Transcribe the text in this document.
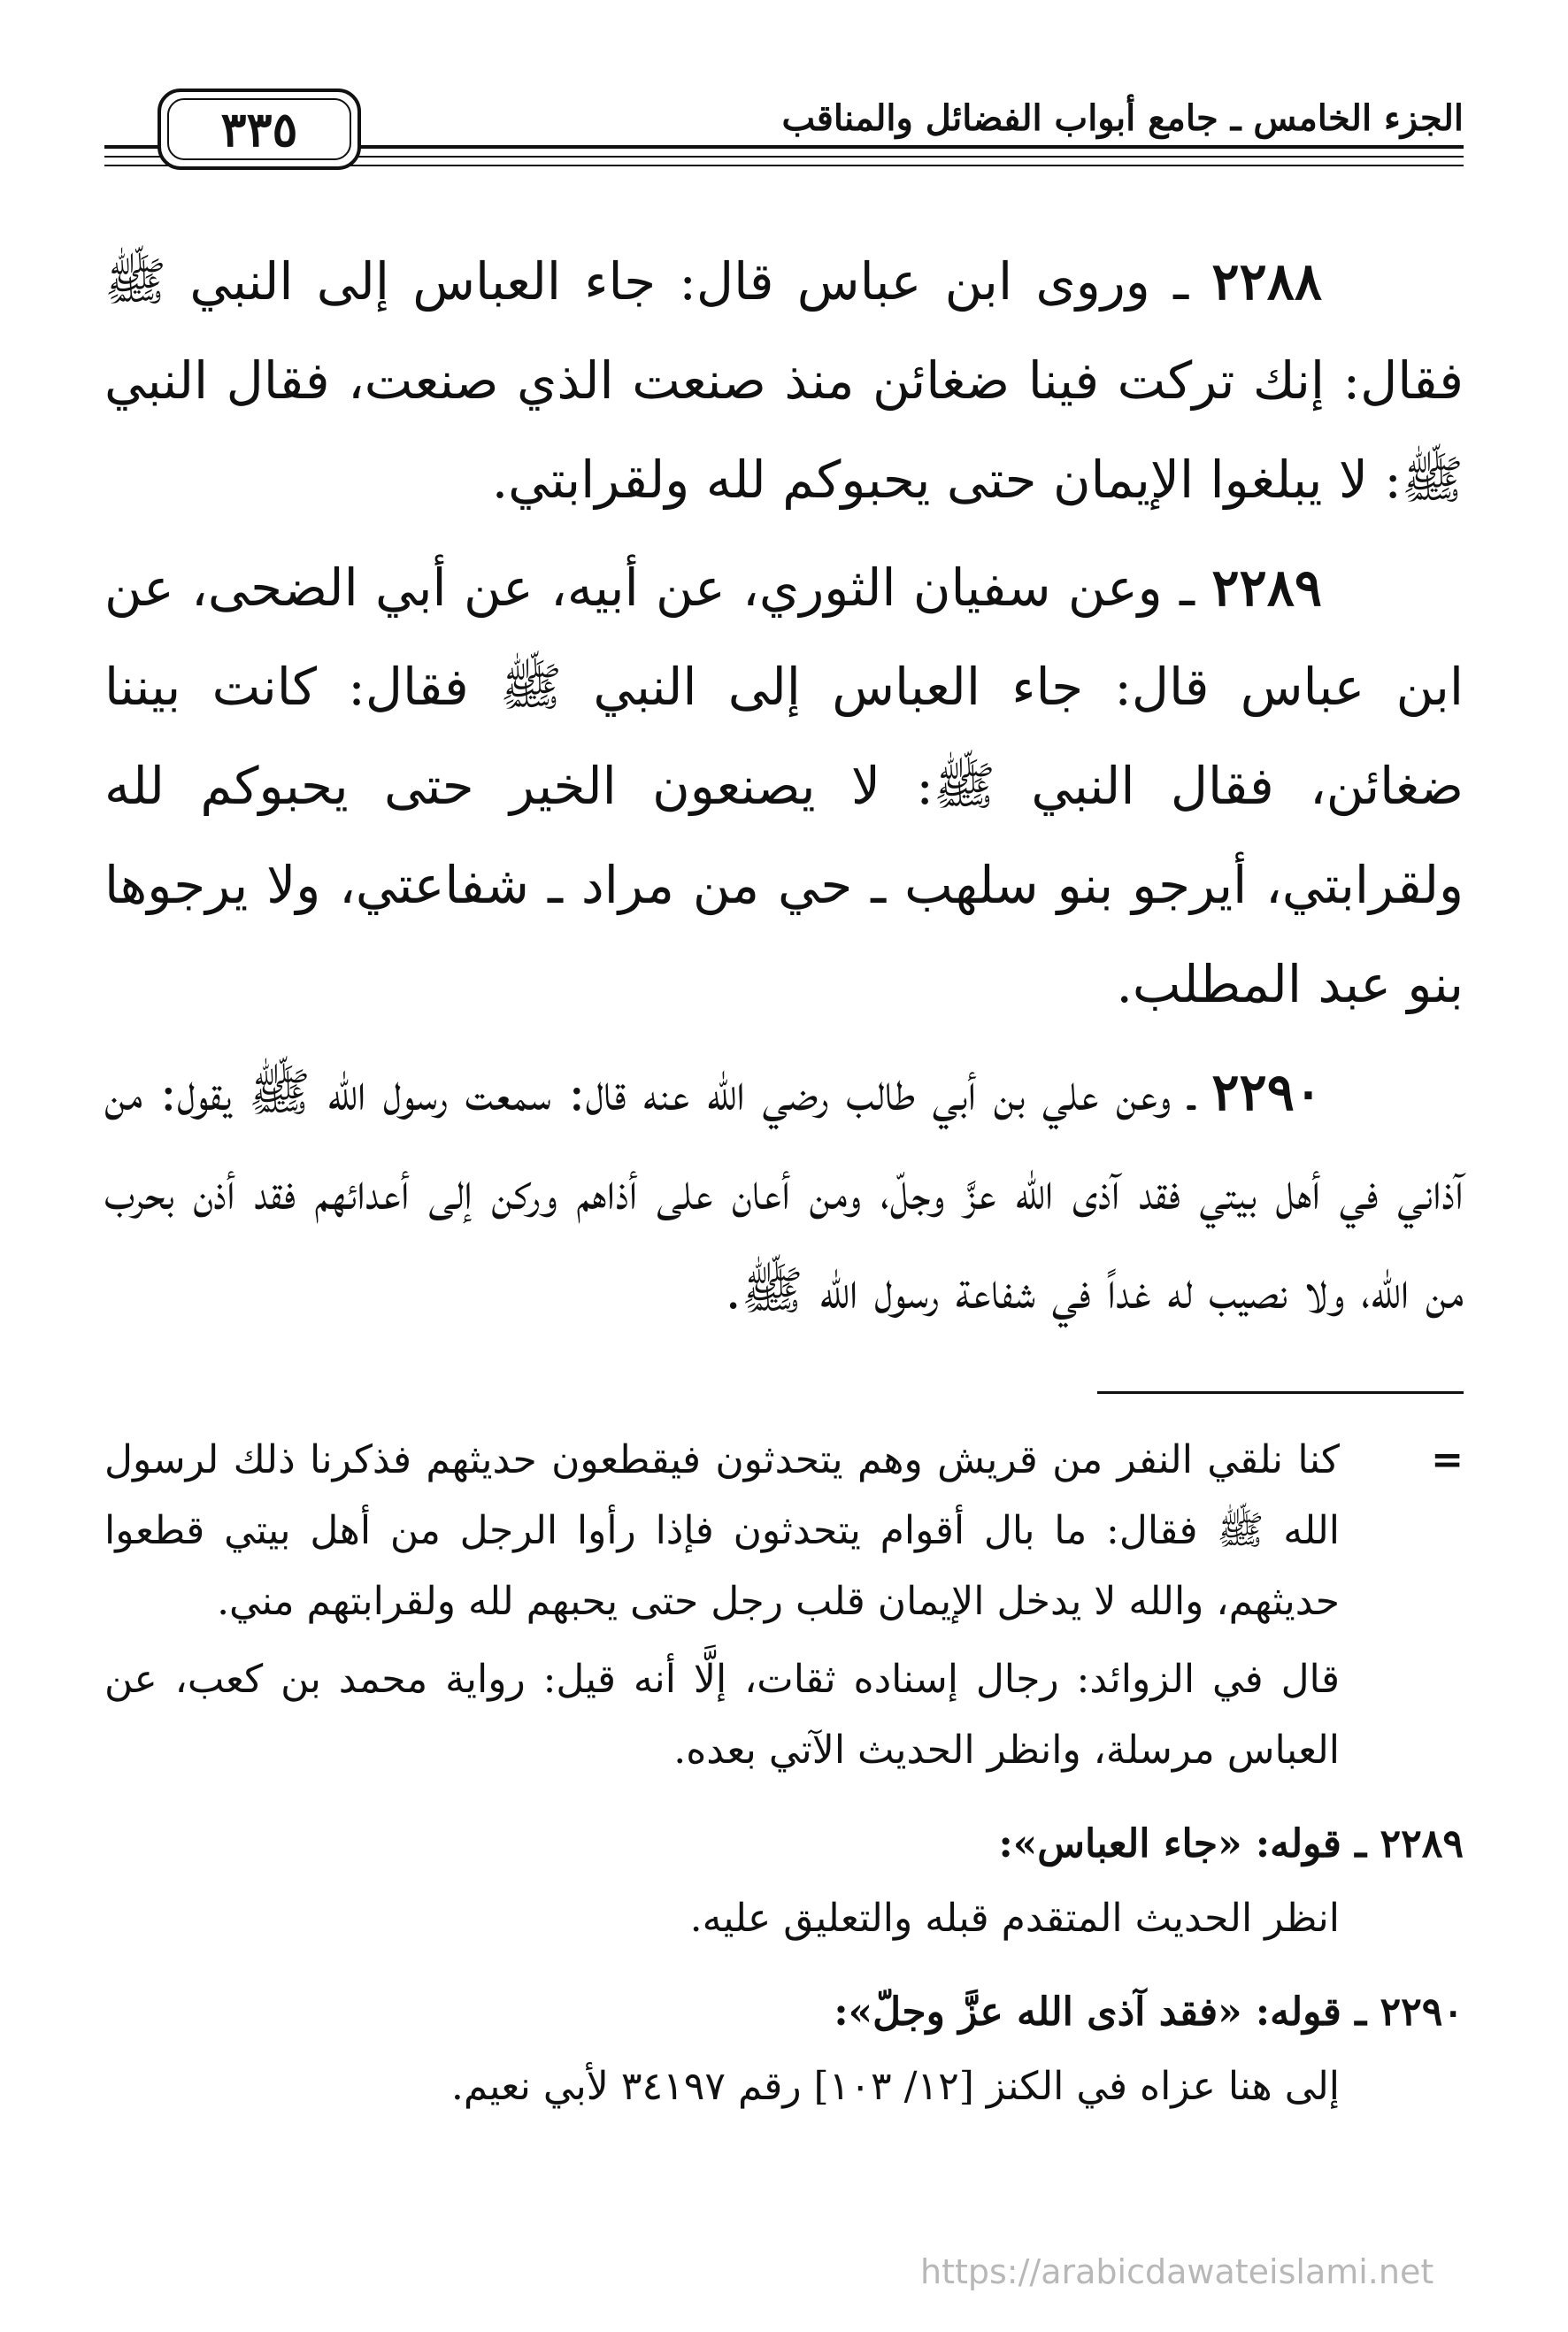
الجزء الخامس ـ جامع أبواب الفضائل والمناقب
٣٣٥

٢٢٨٨ ـ وروى ابن عباس قال: جاء العباس إلى النبي ﷺ فقال: إنك تركت فينا ضغائن منذ صنعت الذي صنعت، فقال النبي ﷺ: لا يبلغوا الإيمان حتى يحبوكم لله ولقرابتي.

٢٢٨٩ ـ وعن سفيان الثوري، عن أبيه، عن أبي الضحى، عن ابن عباس قال: جاء العباس إلى النبي ﷺ فقال: كانت بيننا ضغائن، فقال النبي ﷺ: لا يصنعون الخير حتى يحبوكم لله ولقرابتي، أيرجو بنو سلهب ـ حي من مراد ـ شفاعتي، ولا يرجوها بنو عبد المطلب.

٢٢٩٠ ـ وعن علي بن أبي طالب رضي الله عنه قال: سمعت رسول الله ﷺ يقول: من آذاني في أهل بيتي فقد آذى الله عزَّ وجلّ، ومن أعان على أذاهم وركن إلى أعدائهم فقد أذن بحرب من الله، ولا نصيب له غداً في شفاعة رسول الله ﷺ.

=

كنا نلقي النفر من قريش وهم يتحدثون فيقطعون حديثهم فذكرنا ذلك لرسول الله ﷺ فقال: ما بال أقوام يتحدثون فإذا رأوا الرجل من أهل بيتي قطعوا حديثهم، والله لا يدخل الإيمان قلب رجل حتى يحبهم لله ولقرابتهم مني.

قال في الزوائد: رجال إسناده ثقات، إلَّا أنه قيل: رواية محمد بن كعب، عن العباس مرسلة، وانظر الحديث الآتي بعده.

٢٢٨٩ ـ قوله: «جاء العباس»:

انظر الحديث المتقدم قبله والتعليق عليه.

٢٢٩٠ ـ قوله: «فقد آذى الله عزَّ وجلّ»:

إلى هنا عزاه في الكنز [١٢/ ١٠٣] رقم ٣٤١٩٧ لأبي نعيم.

https://arabicdawateislami.net
